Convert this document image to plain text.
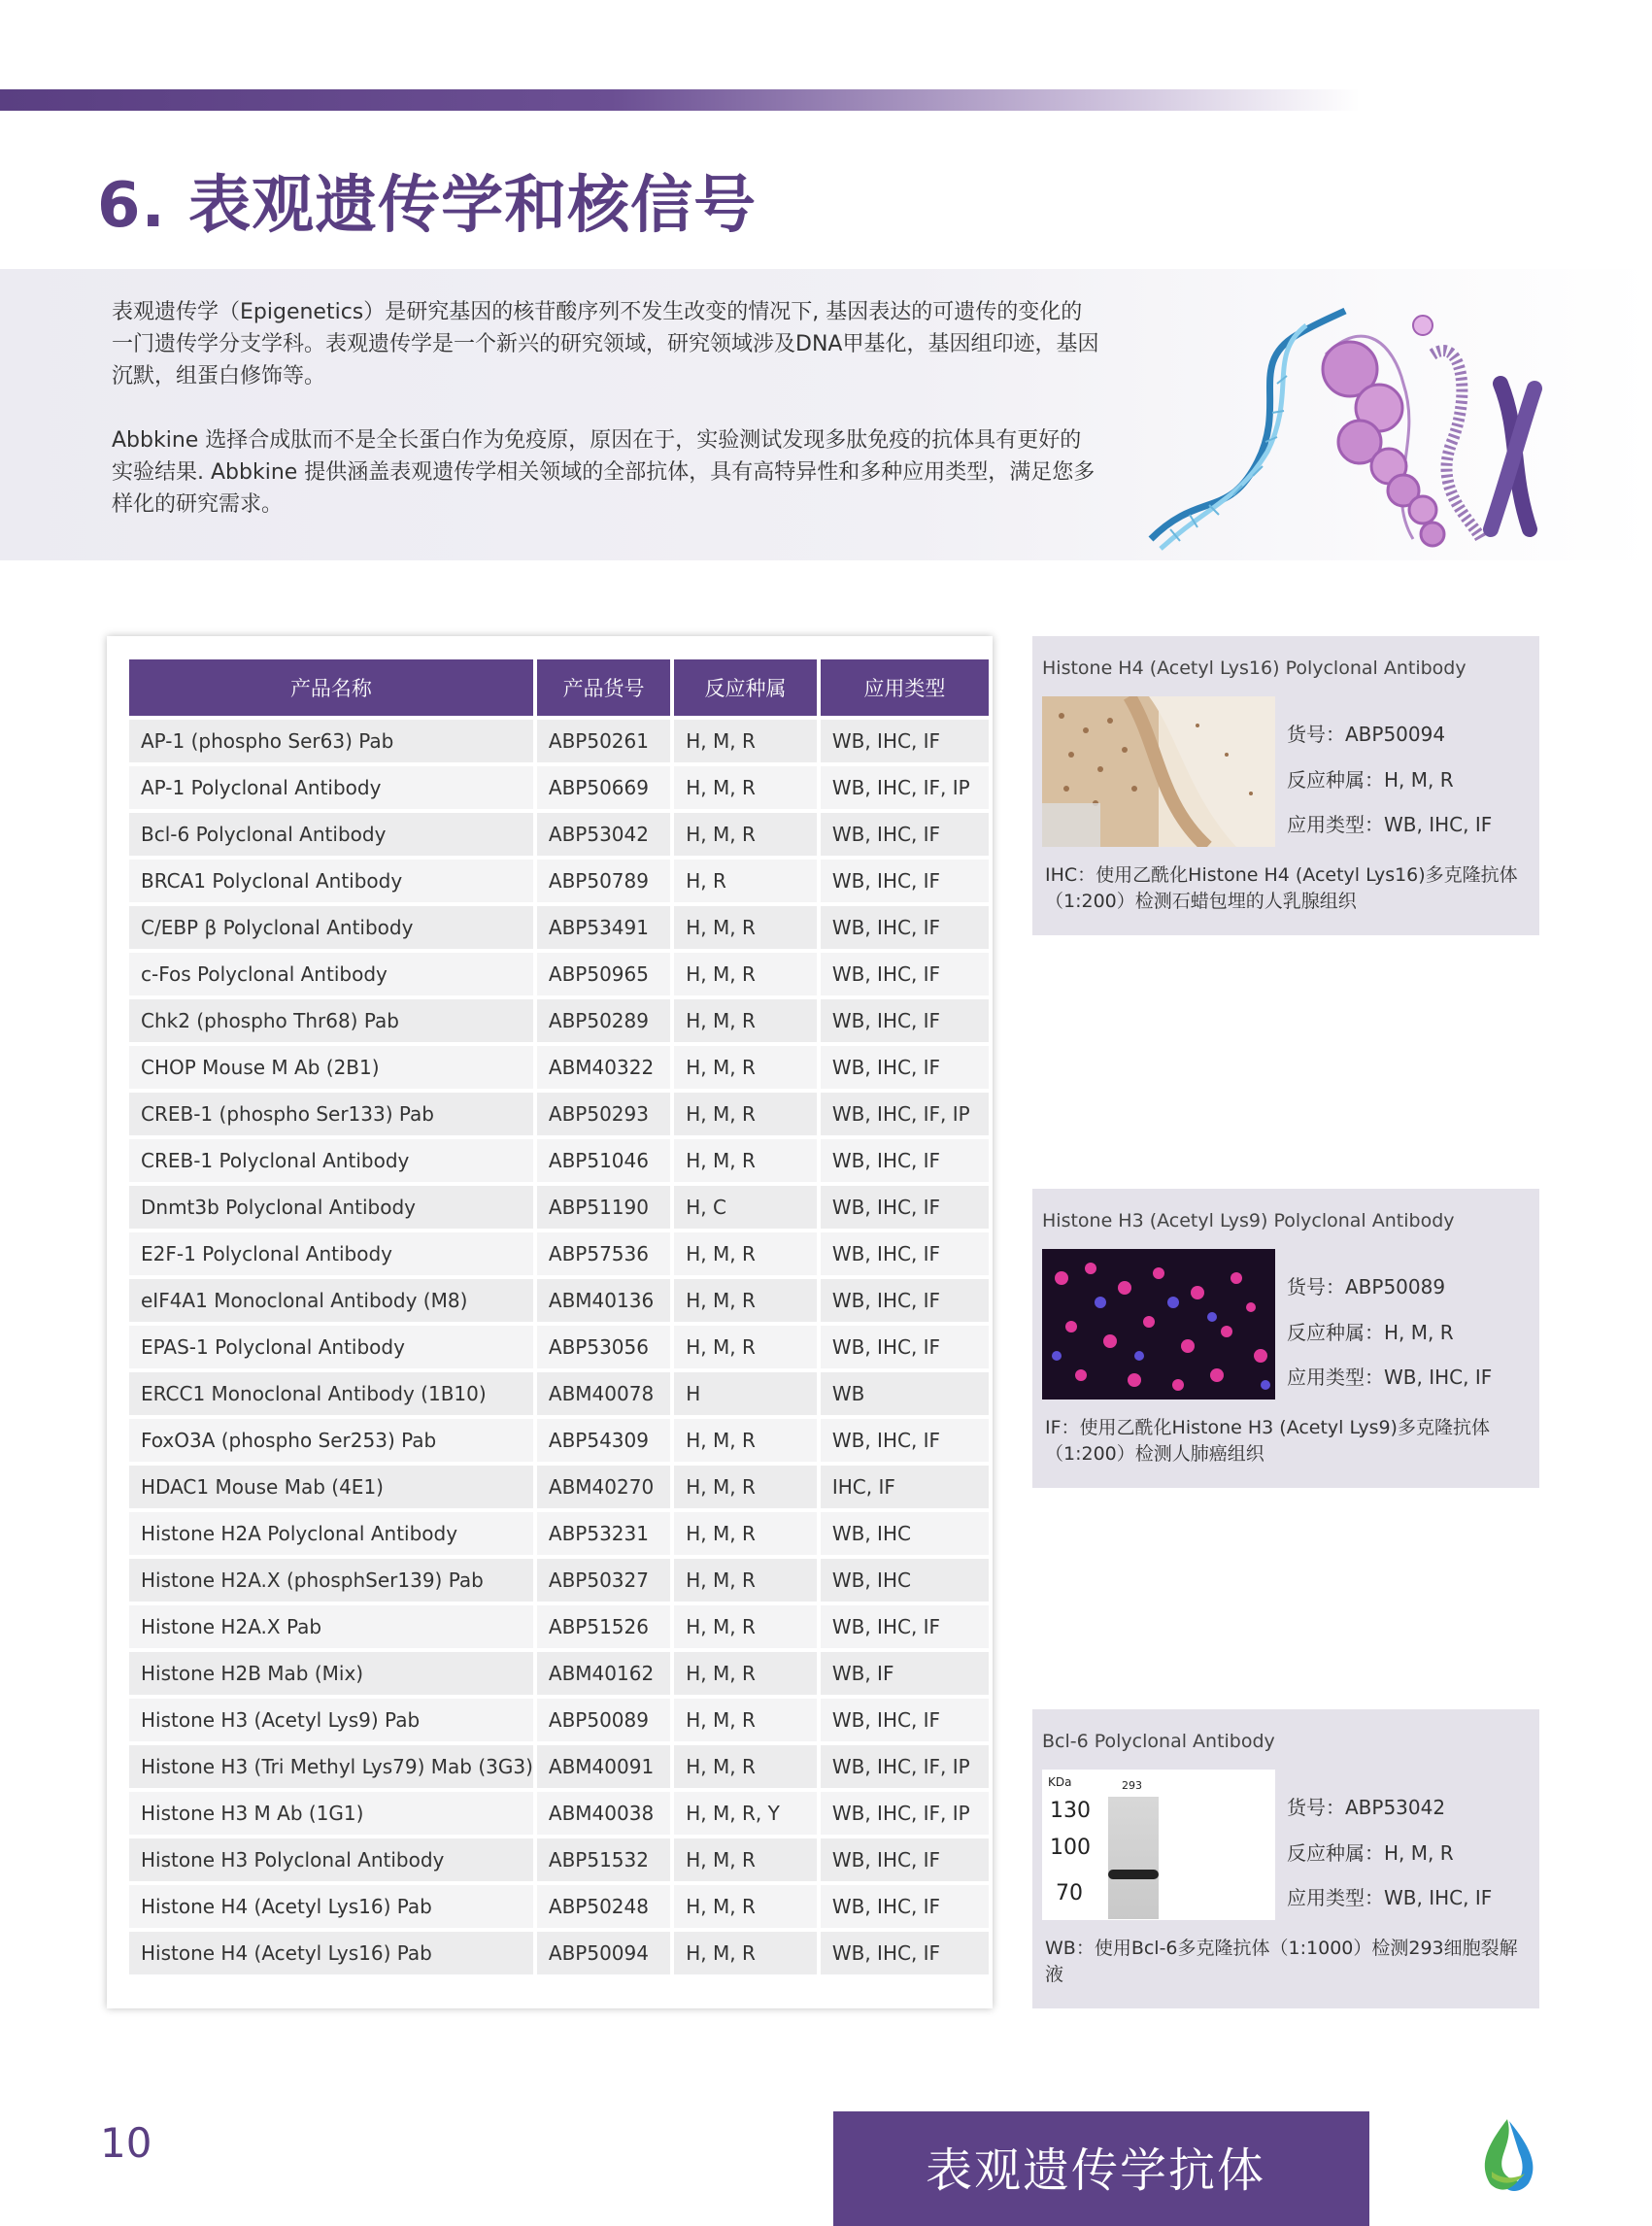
6. 表观遗传学和核信号

表观遗传学（Epigenetics）是研究基因的核苷酸序列不发生改变的情况下, 基因表达的可遗传的变化的一门遗传学分支学科。表观遗传学是一个新兴的研究领域，研究领域涉及DNA甲基化，基因组印迹，基因沉默，组蛋白修饰等。

Abbkine 选择合成肽而不是全长蛋白作为免疫原，原因在于，实验测试发现多肽免疫的抗体具有更好的实验结果. Abbkine 提供涵盖表观遗传学相关领域的全部抗体，具有高特异性和多种应用类型，满足您多样化的研究需求。

产品名称	产品货号	反应种属	应用类型
AP-1 (phospho Ser63) Pab	ABP50261	H, M, R	WB, IHC, IF
AP-1 Polyclonal Antibody	ABP50669	H, M, R	WB, IHC, IF, IP
Bcl-6 Polyclonal Antibody	ABP53042	H, M, R	WB, IHC, IF
BRCA1 Polyclonal Antibody	ABP50789	H, R	WB, IHC, IF
C/EBP β Polyclonal Antibody	ABP53491	H, M, R	WB, IHC, IF
c-Fos Polyclonal Antibody	ABP50965	H, M, R	WB, IHC, IF
Chk2 (phospho Thr68) Pab	ABP50289	H, M, R	WB, IHC, IF
CHOP Mouse M Ab (2B1)	ABM40322	H, M, R	WB, IHC, IF
CREB-1 (phospho Ser133) Pab	ABP50293	H, M, R	WB, IHC, IF, IP
CREB-1 Polyclonal Antibody	ABP51046	H, M, R	WB, IHC, IF
Dnmt3b Polyclonal Antibody	ABP51190	H, C	WB, IHC, IF
E2F-1 Polyclonal Antibody	ABP57536	H, M, R	WB, IHC, IF
eIF4A1 Monoclonal Antibody (M8)	ABM40136	H, M, R	WB, IHC, IF
EPAS-1 Polyclonal Antibody	ABP53056	H, M, R	WB, IHC, IF
ERCC1 Monoclonal Antibody (1B10)	ABM40078	H	WB
FoxO3A (phospho Ser253) Pab	ABP54309	H, M, R	WB, IHC, IF
HDAC1 Mouse Mab (4E1)	ABM40270	H, M, R	IHC, IF
Histone H2A Polyclonal Antibody	ABP53231	H, M, R	WB, IHC
Histone H2A.X (phosphSer139) Pab	ABP50327	H, M, R	WB, IHC
Histone H2A.X Pab	ABP51526	H, M, R	WB, IHC, IF
Histone H2B Mab (Mix)	ABM40162	H, M, R	WB, IF
Histone H3 (Acetyl Lys9) Pab	ABP50089	H, M, R	WB, IHC, IF
Histone H3 (Tri Methyl Lys79) Mab (3G3)	ABM40091	H, M, R	WB, IHC, IF, IP
Histone H3 M Ab (1G1)	ABM40038	H, M, R, Y	WB, IHC, IF, IP
Histone H3 Polyclonal Antibody	ABP51532	H, M, R	WB, IHC, IF
Histone H4 (Acetyl Lys16) Pab	ABP50248	H, M, R	WB, IHC, IF
Histone H4 (Acetyl Lys16) Pab	ABP50094	H, M, R	WB, IHC, IF
Histone H4 (Acetyl Lys16) Polyclonal Antibody
货号：ABP50094
反应种属：H, M, R
应用类型：WB, IHC, IF
IHC：使用乙酰化Histone H4 (Acetyl Lys16)多克隆抗体（1:200）检测石蜡包埋的人乳腺组织
Histone H3 (Acetyl Lys9) Polyclonal Antibody
货号：ABP50089
反应种属：H, M, R
应用类型：WB, IHC, IF
IF：使用乙酰化Histone H3 (Acetyl Lys9)多克隆抗体（1:200）检测人肺癌组织
Bcl-6 Polyclonal Antibody
KDa	293
130
100
70
货号：ABP53042
反应种属：H, M, R
应用类型：WB, IHC, IF
WB：使用Bcl-6多克隆抗体（1:1000）检测293细胞裂解液
10
表观遗传学抗体
